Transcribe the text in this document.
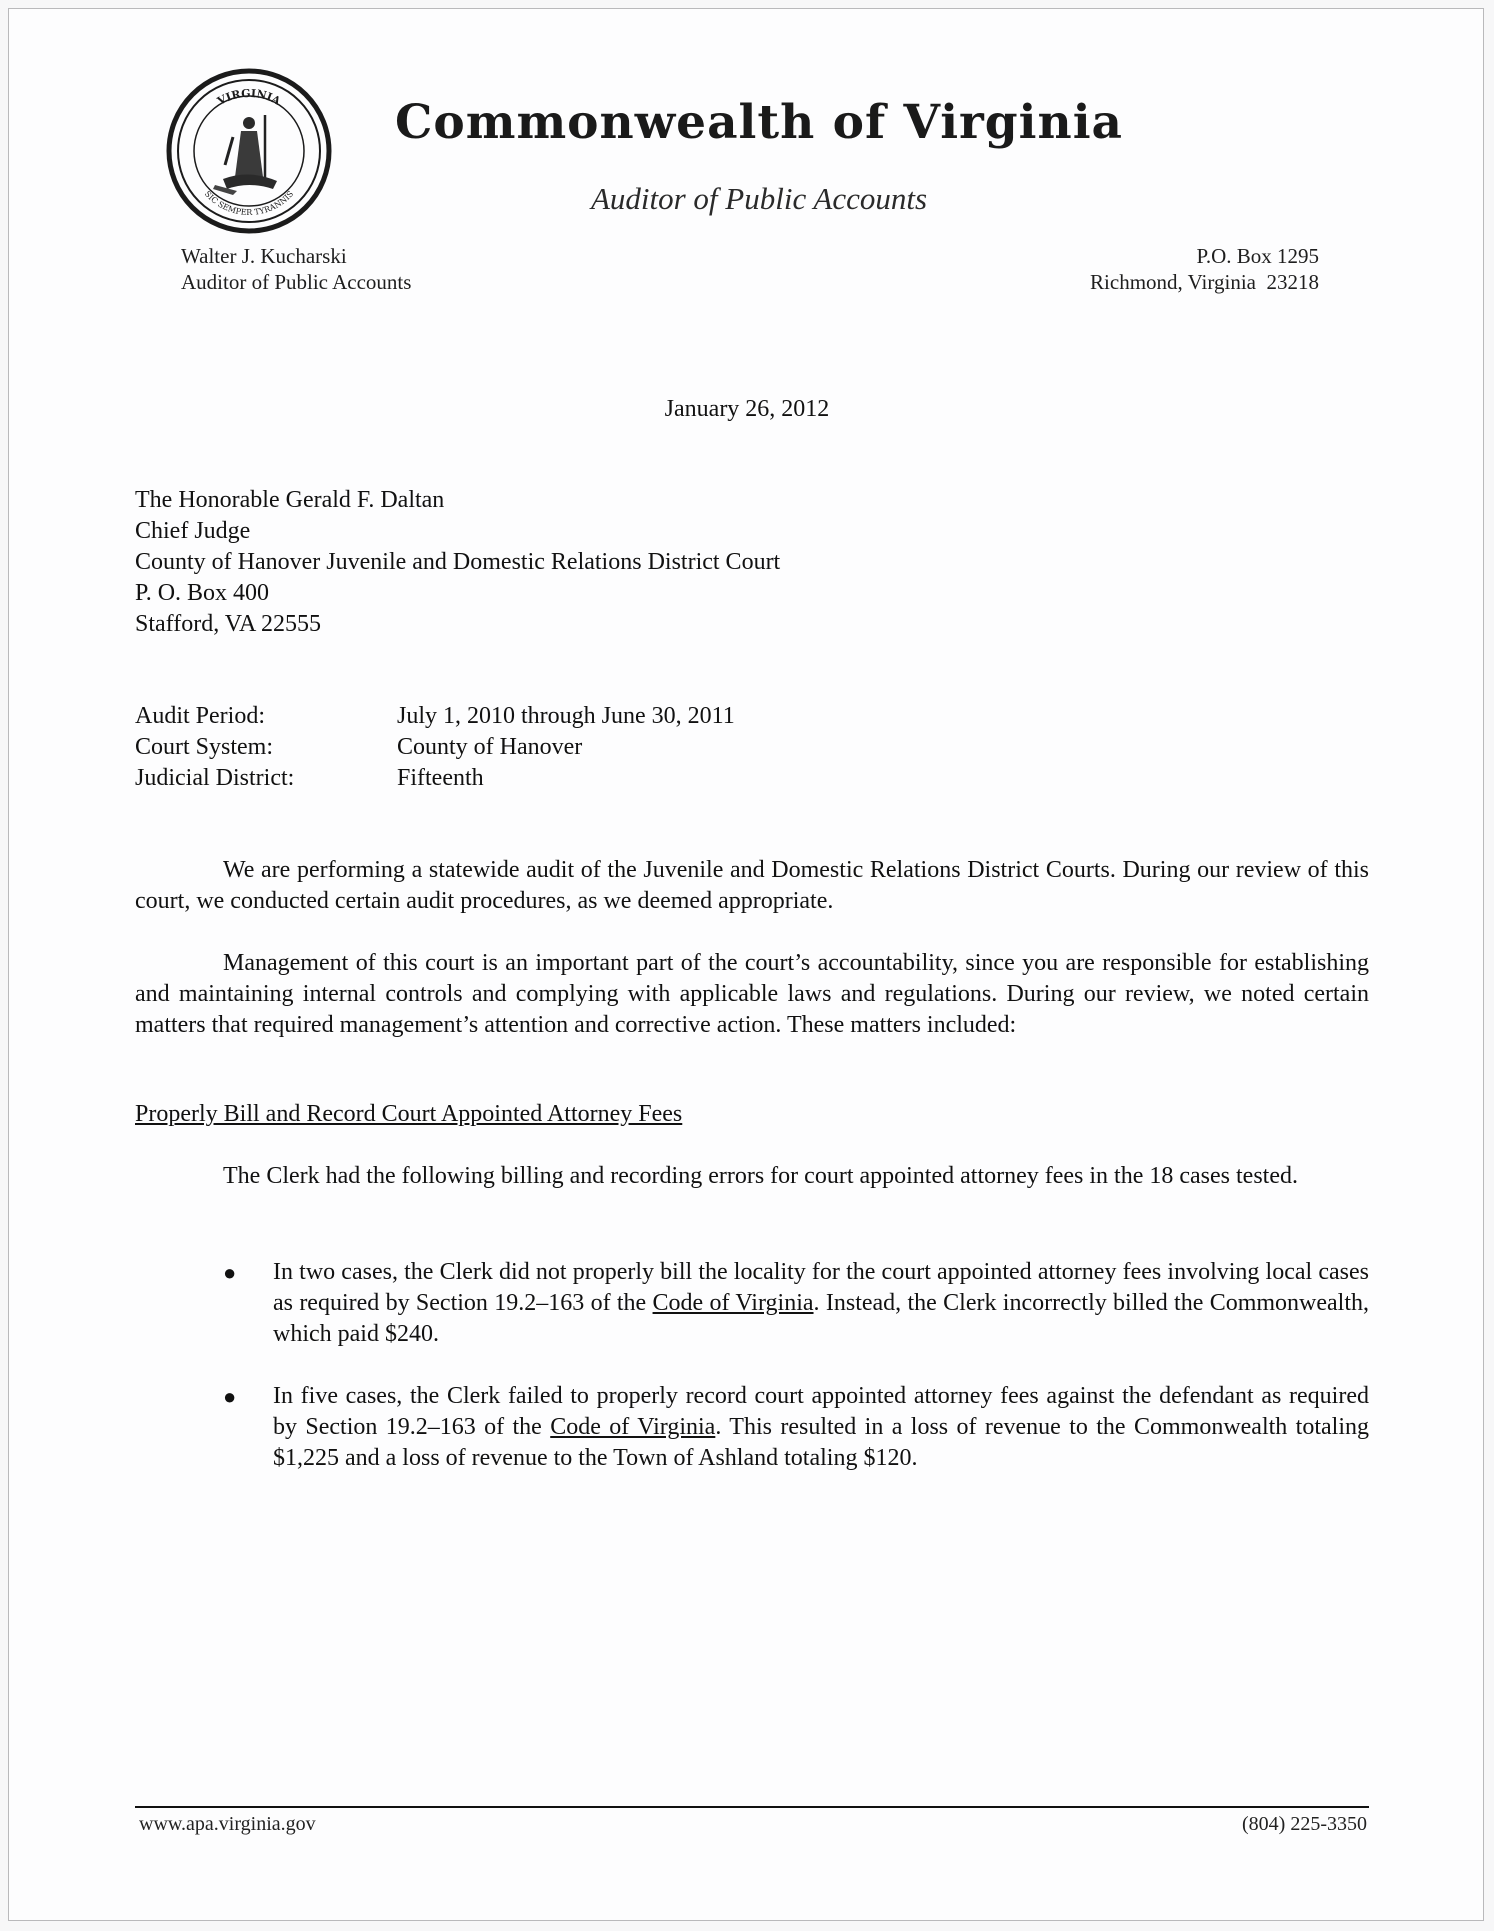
VIRGINIA
SIC SEMPER TYRANNIS
Commonwealth of Virginia
Auditor of Public Accounts
Walter J. Kucharski
Auditor of Public Accounts
P.O. Box 1295
Richmond, Virginia  23218
January 26, 2012
The Honorable Gerald F. Daltan
Chief Judge
County of Hanover Juvenile and Domestic Relations District Court
P. O. Box 400
Stafford, VA 22555
Audit Period:	July 1, 2010 through June 30, 2011
Court System:	County of Hanover
Judicial District:	Fifteenth
We are performing a statewide audit of the Juvenile and Domestic Relations District Courts. During our review of this court, we conducted certain audit procedures, as we deemed appropriate.
Management of this court is an important part of the court’s accountability, since you are responsible for establishing and maintaining internal controls and complying with applicable laws and regulations. During our review, we noted certain matters that required management’s attention and corrective action. These matters included:
Properly Bill and Record Court Appointed Attorney Fees
The Clerk had the following billing and recording errors for court appointed attorney fees in the 18 cases tested.
●	In two cases, the Clerk did not properly bill the locality for the court appointed attorney fees involving local cases as required by Section 19.2–163 of the Code of Virginia. Instead, the Clerk incorrectly billed the Commonwealth, which paid $240.
●	In five cases, the Clerk failed to properly record court appointed attorney fees against the defendant as required by Section 19.2–163 of the Code of Virginia. This resulted in a loss of revenue to the Commonwealth totaling $1,225 and a loss of revenue to the Town of Ashland totaling $120.
www.apa.virginia.gov	(804) 225-3350
